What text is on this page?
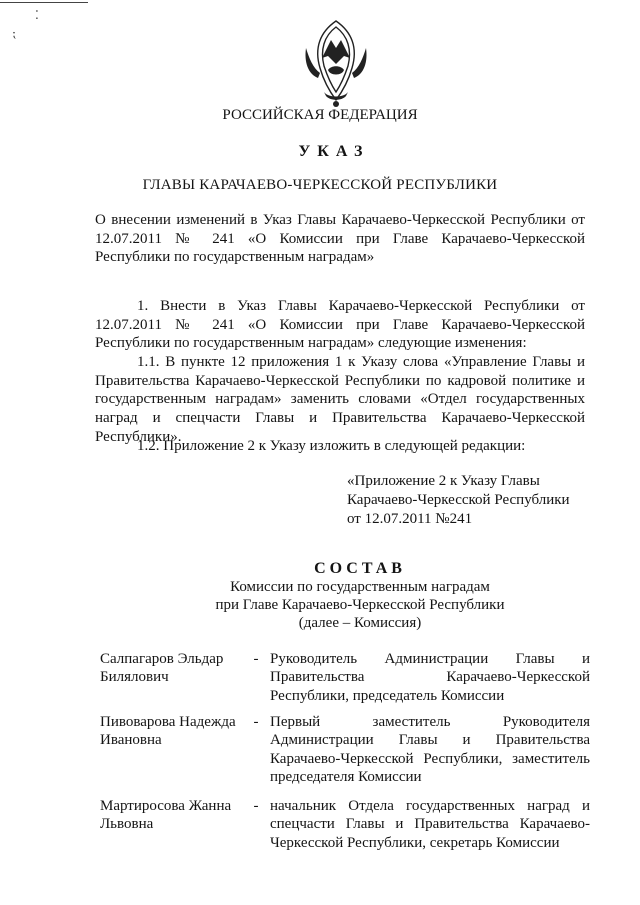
⁚
⁏
РОССИЙСКАЯ ФЕДЕРАЦИЯ
УКАЗ
ГЛАВЫ КАРАЧАЕВО-ЧЕРКЕССКОЙ РЕСПУБЛИКИ
О внесении изменений в Указ Главы Карачаево-Черкесской Республики от 12.07.2011 № 241 «О Комиссии при Главе Карачаево-Черкесской Республики по государственным наградам»
1. Внести в Указ Главы Карачаево-Черкесской Республики от 12.07.2011 № 241 «О Комиссии при Главе Карачаево-Черкесской Республики по государственным наградам» следующие изменения:
1.1. В пункте 12 приложения 1 к Указу слова «Управление Главы и Правительства Карачаево-Черкесской Республики по кадровой политике и государственным наградам» заменить словами «Отдел государственных наград и спецчасти Главы и Правительства Карачаево-Черкесской Республики».
1.2. Приложение 2 к Указу изложить в следующей редакции:
«Приложение 2 к Указу Главы
Карачаево-Черкесской Республики
от 12.07.2011 №241
СОСТАВ
Комиссии по государственным наградам
при Главе Карачаево-Черкесской Республики
(далее – Комиссия)
Салпагаров Эльдар Билялович
- Руководитель Администрации Главы и Правительства Карачаево-Черкесской Республики, председатель Комиссии
Пивоварова Надежда Ивановна
- Первый заместитель Руководителя Администрации Главы и Правительства Карачаево-Черкесской Республики, заместитель председателя Комиссии
Мартиросова Жанна Львовна
- начальник Отдела государственных наград и спецчасти Главы и Правительства Карачаево-Черкесской Республики, секретарь Комиссии
